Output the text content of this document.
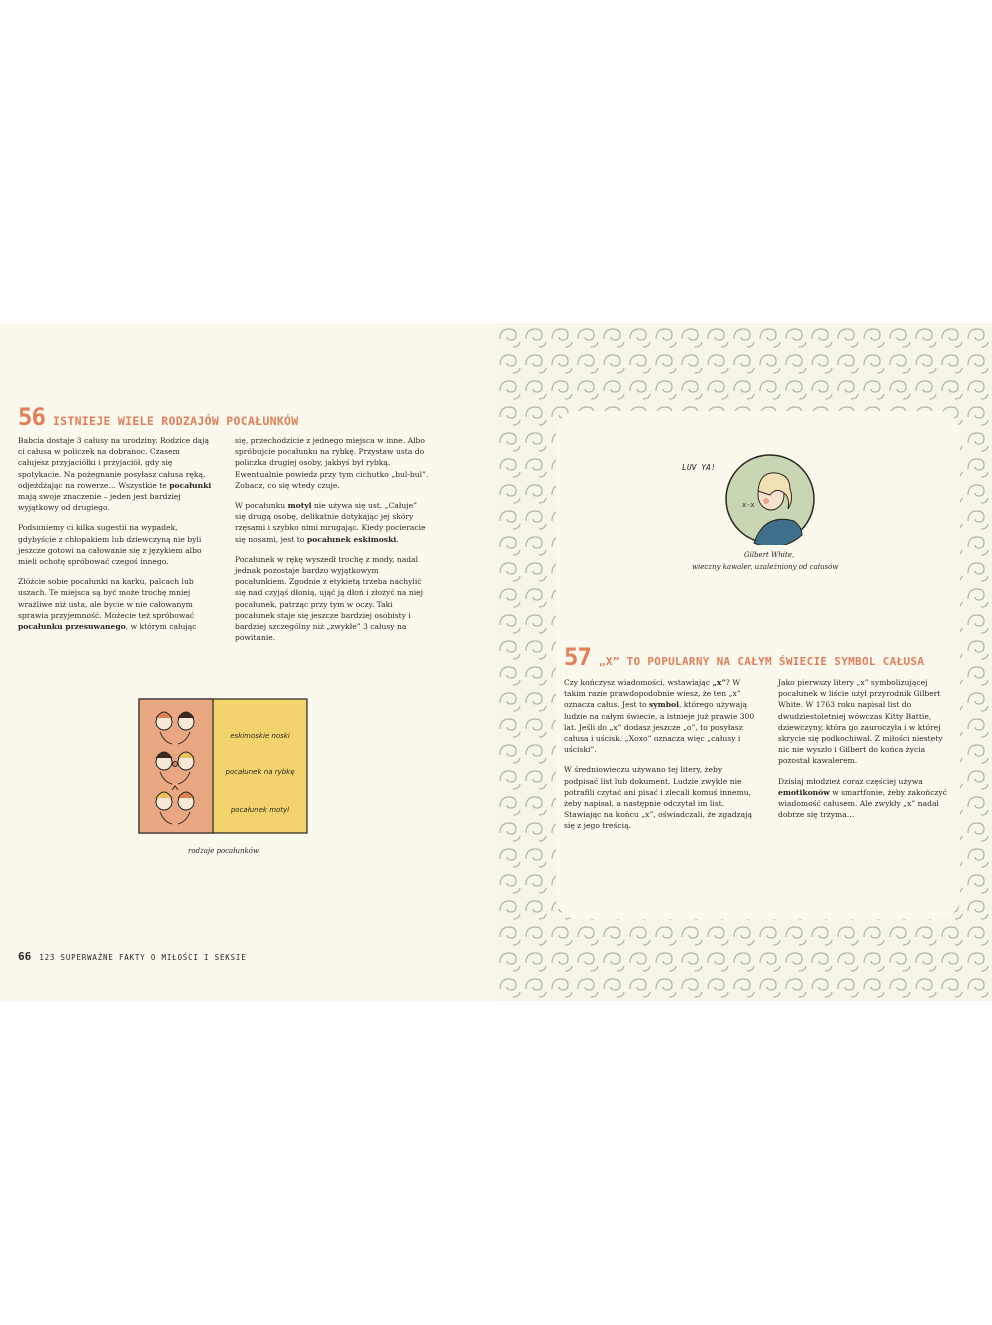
56 ISTNIEJE WIELE RODZAJÓW POCAŁUNKÓW

Babcia dostaje 3 całusy na urodziny. Rodzice dają ci całusa w policzek na dobranoc. Czasem całujesz przyjaciółki i przyjaciół, gdy się spotykacie. Na pożegnanie posyłasz całusa ręką, odjeżdżając na rowerze… Wszystkie te pocałunki mają swoje znaczenie – jeden jest bardziej wyjątkowy od drugiego.

Podsuniemy ci kilka sugestii na wypadek, gdybyście z chłopakiem lub dziewczyną nie byli jeszcze gotowi na całowanie się z językiem albo mieli ochotę spróbować czegoś innego.

Złóżcie sobie pocałunki na karku, palcach lub uszach. Te miejsca są być może trochę mniej wrażliwe niż usta, ale bycie w nie całowanym sprawia przyjemność. Możecie też spróbować pocałunku przesuwanego, w którym całując

się, przechodzicie z jednego miejsca w inne. Albo spróbujcie pocałunku na rybkę. Przystaw usta do policzka drugiej osoby, jakbyś był rybką. Ewentualnie powiedz przy tym cichutko „bul-bul”. Zobacz, co się wtedy czuje.

W pocałunku motyl nie używa się ust. „Całuje” się drugą osobę, delikatnie dotykając jej skóry rzęsami i szybko nimi mrugając. Kiedy pocieracie się nosami, jest to pocałunek eskimoski.

Pocałunek w rękę wyszedł trochę z mody, nadal jednak pozostaje bardzo wyjątkowym pocałunkiem. Zgodnie z etykietą trzeba nachylić się nad czyjąś dłonią, ująć ją dłoń i złożyć na niej pocałunek, patrząc przy tym w oczy. Taki pocałunek staje się jeszcze bardziej osobisty i bardziej szczególny niż „zwykłe” 3 całusy na powitanie.

eskimoskie noski
pocałunek na rybkę
pocałunek motyl
rodzaje pocałunków
66 123 SUPERWAŻNE FAKTY O MIŁOŚCI I SEKSIE
LUV YA!
x-x
Gilbert White,
wieczny kawaler, uzależniony od całusów
57 „X” TO POPULARNY NA CAŁYM ŚWIECIE SYMBOL CAŁUSA

Czy kończysz wiadomości, wstawiając „x”? W takim razie prawdopodobnie wiesz, że ten „x” oznacza całus. Jest to symbol, którego używają ludzie na całym świecie, a istnieje już prawie 300 lat. Jeśli do „x” dodasz jeszcze „o”, to posyłasz całusa i uścisk. „Xoxo” oznacza więc „całusy i uściski”.

W średniowieczu używano tej litery, żeby podpisać list lub dokument. Ludzie zwykle nie potrafili czytać ani pisać i zlecali komuś innemu, żeby napisał, a następnie odczytał im list. Stawiając na końcu „x”, oświadczali, że zgadzają się z jego treścią.

Jako pierwszy litery „x” symbolizującej pocałunek w liście użył przyrodnik Gilbert White. W 1763 roku napisał list do dwudziestoletniej wówczas Kitty Battie, dziewczyny, która go zauroczyła i w której skrycie się podkochiwał. Z miłości niestety nic nie wyszło i Gilbert do końca życia pozostał kawalerem.

Dzisiaj młodzież coraz częściej używa emotikonów w smartfonie, żeby zakończyć wiadomość całusem. Ale zwykły „x” nadal dobrze się trzyma…
